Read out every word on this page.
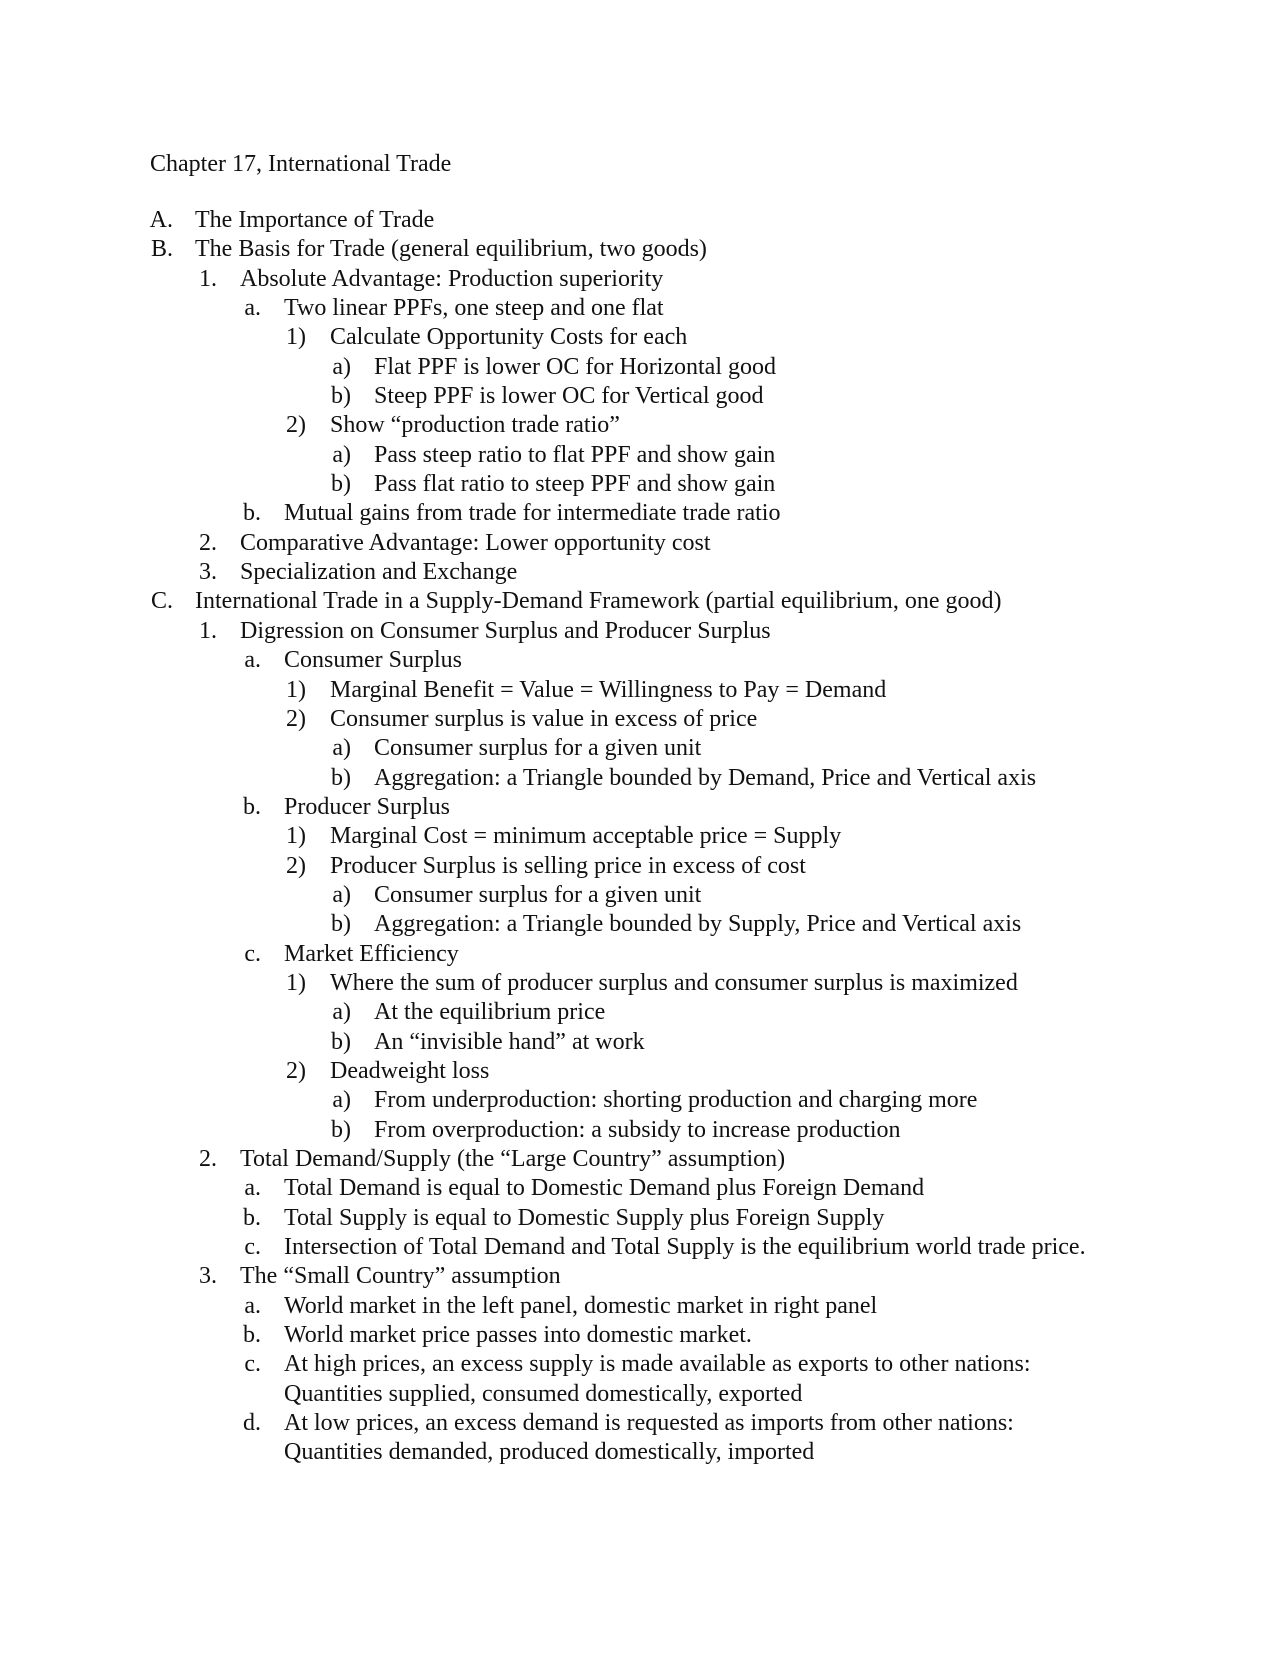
Chapter 17, International Trade
A. The Importance of Trade
B. The Basis for Trade (general equilibrium, two goods)
1. Absolute Advantage: Production superiority
a. Two linear PPFs, one steep and one flat
1) Calculate Opportunity Costs for each
a) Flat PPF is lower OC for Horizontal good
b) Steep PPF is lower OC for Vertical good
2) Show “production trade ratio”
a) Pass steep ratio to flat PPF and show gain
b) Pass flat ratio to steep PPF and show gain
b. Mutual gains from trade for intermediate trade ratio
2. Comparative Advantage: Lower opportunity cost
3. Specialization and Exchange
C. International Trade in a Supply-Demand Framework (partial equilibrium, one good)
1. Digression on Consumer Surplus and Producer Surplus
a. Consumer Surplus
1) Marginal Benefit = Value = Willingness to Pay = Demand
2) Consumer surplus is value in excess of price
a) Consumer surplus for a given unit
b) Aggregation: a Triangle bounded by Demand, Price and Vertical axis
b. Producer Surplus
1) Marginal Cost = minimum acceptable price = Supply
2) Producer Surplus is selling price in excess of cost
a) Consumer surplus for a given unit
b) Aggregation: a Triangle bounded by Supply, Price and Vertical axis
c. Market Efficiency
1) Where the sum of producer surplus and consumer surplus is maximized
a) At the equilibrium price
b) An “invisible hand” at work
2) Deadweight loss
a) From underproduction: shorting production and charging more
b) From overproduction: a subsidy to increase production
2. Total Demand/Supply (the “Large Country” assumption)
a. Total Demand is equal to Domestic Demand plus Foreign Demand
b. Total Supply is equal to Domestic Supply plus Foreign Supply
c. Intersection of Total Demand and Total Supply is the equilibrium world trade price.
3. The “Small Country” assumption
a. World market in the left panel, domestic market in right panel
b. World market price passes into domestic market.
c. At high prices, an excess supply is made available as exports to other nations:
Quantities supplied, consumed domestically, exported
d. At low prices, an excess demand is requested as imports from other nations:
Quantities demanded, produced domestically, imported
